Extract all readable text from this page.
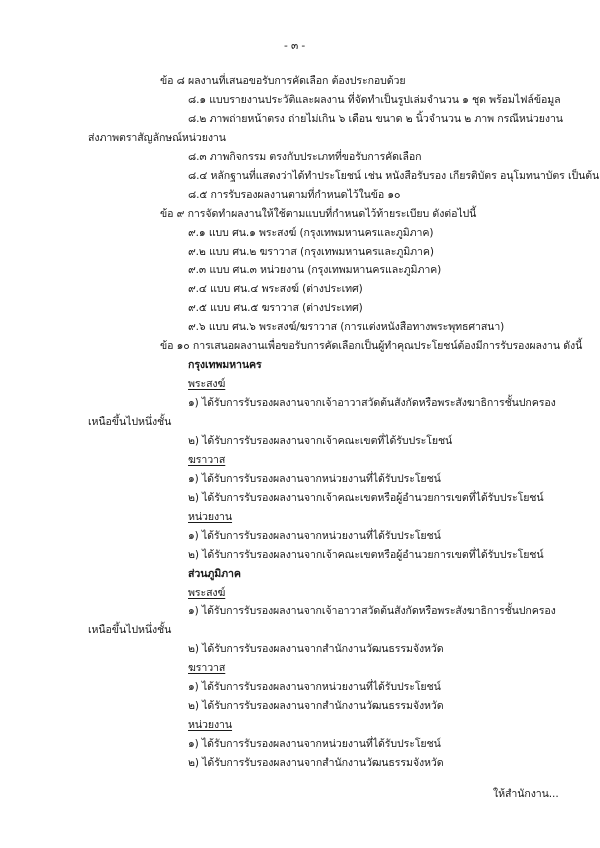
- ๓ -
ข้อ ๘ ผลงานที่เสนอขอรับการคัดเลือก ต้องประกอบด้วย
๘.๑ แบบรายงานประวัติและผลงาน ที่จัดทำเป็นรูปเล่มจำนวน ๑ ชุด พร้อมไฟล์ข้อมูล
๘.๒ ภาพถ่ายหน้าตรง ถ่ายไม่เกิน ๖ เดือน ขนาด ๒ นิ้วจำนวน ๒ ภาพ กรณีหน่วยงาน
ส่งภาพตราสัญลักษณ์หน่วยงาน
๘.๓ ภาพกิจกรรม ตรงกับประเภทที่ขอรับการคัดเลือก
๘.๔ หลักฐานที่แสดงว่าได้ทำประโยชน์ เช่น หนังสือรับรอง เกียรติบัตร อนุโมทนาบัตร เป็นต้น
๘.๕ การรับรองผลงานตามที่กำหนดไว้ในข้อ ๑๐
ข้อ ๙ การจัดทำผลงานให้ใช้ตามแบบที่กำหนดไว้ท้ายระเบียบ ดังต่อไปนี้
๙.๑ แบบ ศน.๑ พระสงฆ์ (กรุงเทพมหานครและภูมิภาค)
๙.๒ แบบ ศน.๒ ฆราวาส (กรุงเทพมหานครและภูมิภาค)
๙.๓ แบบ ศน.๓ หน่วยงาน (กรุงเทพมหานครและภูมิภาค)
๙.๔ แบบ ศน.๔ พระสงฆ์ (ต่างประเทศ)
๙.๕ แบบ ศน.๕ ฆราวาส (ต่างประเทศ)
๙.๖ แบบ ศน.๖ พระสงฆ์/ฆราวาส (การแต่งหนังสือทางพระพุทธศาสนา)
ข้อ ๑๐ การเสนอผลงานเพื่อขอรับการคัดเลือกเป็นผู้ทำคุณประโยชน์ต้องมีการรับรองผลงาน ดังนี้
กรุงเทพมหานคร
พระสงฆ์
๑) ได้รับการรับรองผลงานจากเจ้าอาวาสวัดต้นสังกัดหรือพระสังฆาธิการชั้นปกครอง
เหนือขึ้นไปหนึ่งชั้น
๒) ได้รับการรับรองผลงานจากเจ้าคณะเขตที่ได้รับประโยชน์
ฆราวาส
๑) ได้รับการรับรองผลงานจากหน่วยงานที่ได้รับประโยชน์
๒) ได้รับการรับรองผลงานจากเจ้าคณะเขตหรือผู้อำนวยการเขตที่ได้รับประโยชน์
หน่วยงาน
๑) ได้รับการรับรองผลงานจากหน่วยงานที่ได้รับประโยชน์
๒) ได้รับการรับรองผลงานจากเจ้าคณะเขตหรือผู้อำนวยการเขตที่ได้รับประโยชน์
ส่วนภูมิภาค
พระสงฆ์
๑) ได้รับการรับรองผลงานจากเจ้าอาวาสวัดต้นสังกัดหรือพระสังฆาธิการชั้นปกครอง
เหนือขึ้นไปหนึ่งชั้น
๒) ได้รับการรับรองผลงานจากสำนักงานวัฒนธรรมจังหวัด
ฆราวาส
๑) ได้รับการรับรองผลงานจากหน่วยงานที่ได้รับประโยชน์
๒) ได้รับการรับรองผลงานจากสำนักงานวัฒนธรรมจังหวัด
หน่วยงาน
๑) ได้รับการรับรองผลงานจากหน่วยงานที่ได้รับประโยชน์
๒) ได้รับการรับรองผลงานจากสำนักงานวัฒนธรรมจังหวัด
ให้สำนักงาน...
